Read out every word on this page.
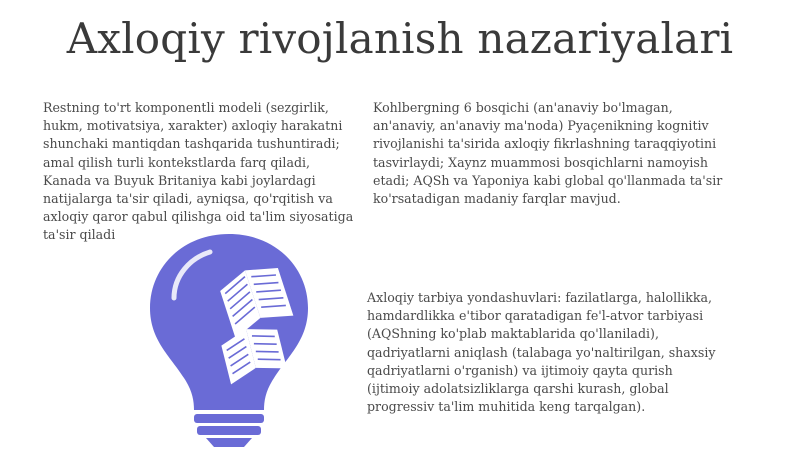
Axloqiy rivojlanish nazariyalari

Restning to'rt komponentli modeli (sezgirlik, hukm, motivatsiya, xarakter) axloqiy harakatni shunchaki mantiqdan tashqarida tushuntiradi; amal qilish turli kontekstlarda farq qiladi, Kanada va Buyuk Britaniya kabi joylardagi natijalarga ta'sir qiladi, ayniqsa, qo'rqitish va axloqiy qaror qabul qilishga oid ta'lim siyosatiga ta'sir qiladi

Kohlbergning 6 bosqichi (an'anaviy bo'lmagan, an'anaviy, an'anaviy ma'noda) Pyaçenikning kognitiv rivojlanishi ta'sirida axloqiy fikrlashning taraqqiyotini tasvirlaydi; Xaynz muammosi bosqichlarni namoyish etadi; AQSh va Yaponiya kabi global qo'llanmada ta'sir ko'rsatadigan madaniy farqlar mavjud.

Axloqiy tarbiya yondashuvlari: fazilatlarga, halollikka, hamdardlikka e'tibor qaratadigan fe'l-atvor tarbiyasi (AQShning ko'plab maktablarida qo'llaniladi), qadriyatlarni aniqlash (talabaga yo'naltirilgan, shaxsiy qadriyatlarni o'rganish) va ijtimoiy qayta qurish (ijtimoiy adolatsizliklarga qarshi kurash, global progressiv ta'lim muhitida keng tarqalgan).
